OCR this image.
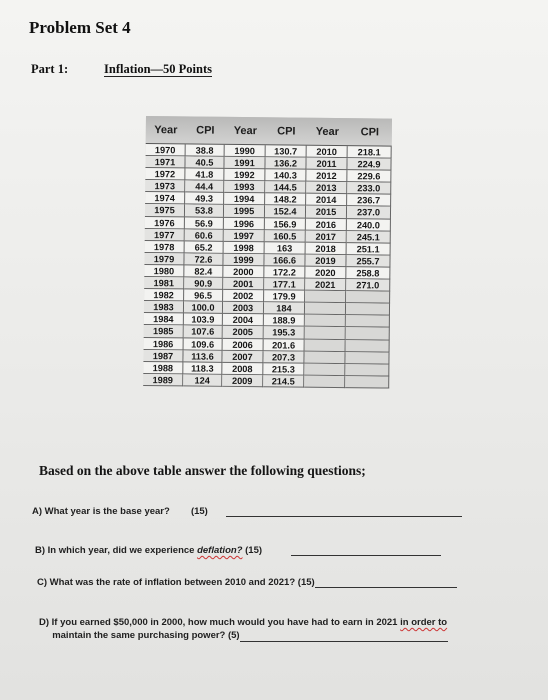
Problem Set 4
Part 1:	Inflation—50 Points
Year	CPI	Year	CPI	Year	CPI
1970	38.8	1990	130.7	2010	218.1
1971	40.5	1991	136.2	2011	224.9
1972	41.8	1992	140.3	2012	229.6
1973	44.4	1993	144.5	2013	233.0
1974	49.3	1994	148.2	2014	236.7
1975	53.8	1995	152.4	2015	237.0
1976	56.9	1996	156.9	2016	240.0
1977	60.6	1997	160.5	2017	245.1
1978	65.2	1998	163	2018	251.1
1979	72.6	1999	166.6	2019	255.7
1980	82.4	2000	172.2	2020	258.8
1981	90.9	2001	177.1	2021	271.0
1982	96.5	2002	179.9
1983	100.0	2003	184
1984	103.9	2004	188.9
1985	107.6	2005	195.3
1986	109.6	2006	201.6
1987	113.6	2007	207.3
1988	118.3	2008	215.3
1989	124	2009	214.5
Based on the above table answer the following questions;
A) What year is the base year? (15)
B) In which year, did we experience deflation? (15)
C) What was the rate of inflation between 2010 and 2021? (15)
D) If you earned $50,000 in 2000, how much would you have had to earn in 2021 in order to
maintain the same purchasing power? (5)
